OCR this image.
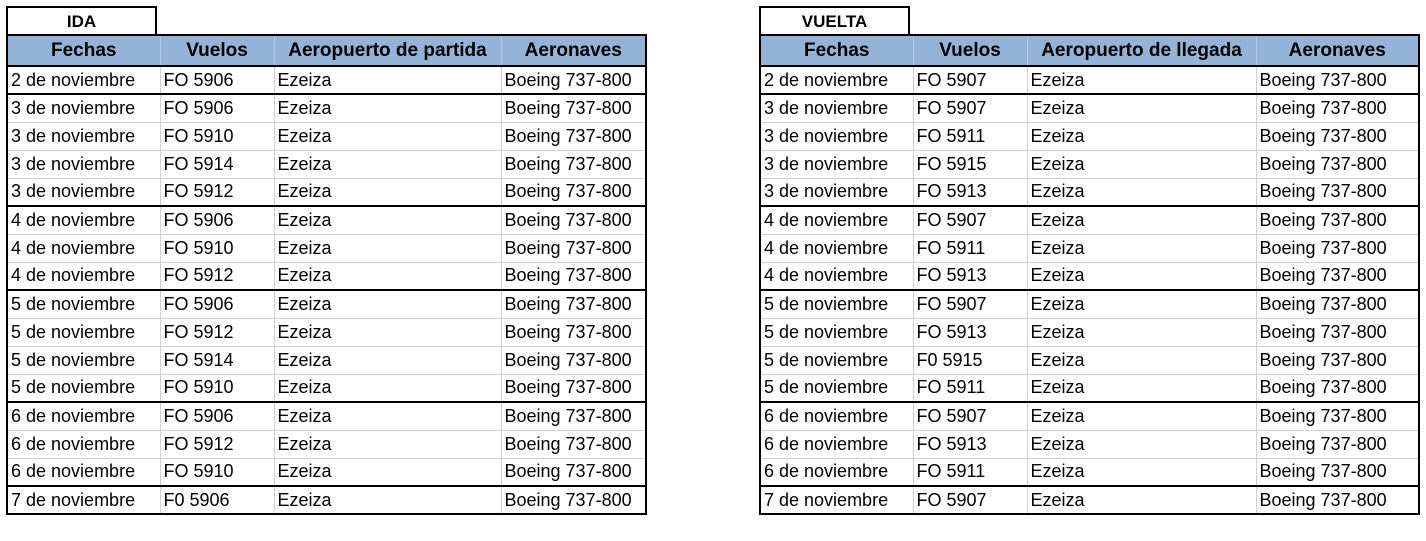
IDA
Fechas	Vuelos	Aeropuerto de partida	Aeronaves
2 de noviembre	FO 5906	Ezeiza	Boeing 737-800
3 de noviembre	FO 5906	Ezeiza	Boeing 737-800
3 de noviembre	FO 5910	Ezeiza	Boeing 737-800
3 de noviembre	FO 5914	Ezeiza	Boeing 737-800
3 de noviembre	FO 5912	Ezeiza	Boeing 737-800
4 de noviembre	FO 5906	Ezeiza	Boeing 737-800
4 de noviembre	FO 5910	Ezeiza	Boeing 737-800
4 de noviembre	FO 5912	Ezeiza	Boeing 737-800
5 de noviembre	FO 5906	Ezeiza	Boeing 737-800
5 de noviembre	FO 5912	Ezeiza	Boeing 737-800
5 de noviembre	FO 5914	Ezeiza	Boeing 737-800
5 de noviembre	FO 5910	Ezeiza	Boeing 737-800
6 de noviembre	FO 5906	Ezeiza	Boeing 737-800
6 de noviembre	FO 5912	Ezeiza	Boeing 737-800
6 de noviembre	FO 5910	Ezeiza	Boeing 737-800
7 de noviembre	F0 5906	Ezeiza	Boeing 737-800
VUELTA
Fechas	Vuelos	Aeropuerto de llegada	Aeronaves
2 de noviembre	FO 5907	Ezeiza	Boeing 737-800
3 de noviembre	FO 5907	Ezeiza	Boeing 737-800
3 de noviembre	FO 5911	Ezeiza	Boeing 737-800
3 de noviembre	FO 5915	Ezeiza	Boeing 737-800
3 de noviembre	FO 5913	Ezeiza	Boeing 737-800
4 de noviembre	FO 5907	Ezeiza	Boeing 737-800
4 de noviembre	FO 5911	Ezeiza	Boeing 737-800
4 de noviembre	FO 5913	Ezeiza	Boeing 737-800
5 de noviembre	FO 5907	Ezeiza	Boeing 737-800
5 de noviembre	FO 5913	Ezeiza	Boeing 737-800
5 de noviembre	F0 5915	Ezeiza	Boeing 737-800
5 de noviembre	FO 5911	Ezeiza	Boeing 737-800
6 de noviembre	FO 5907	Ezeiza	Boeing 737-800
6 de noviembre	FO 5913	Ezeiza	Boeing 737-800
6 de noviembre	FO 5911	Ezeiza	Boeing 737-800
7 de noviembre	FO 5907	Ezeiza	Boeing 737-800
